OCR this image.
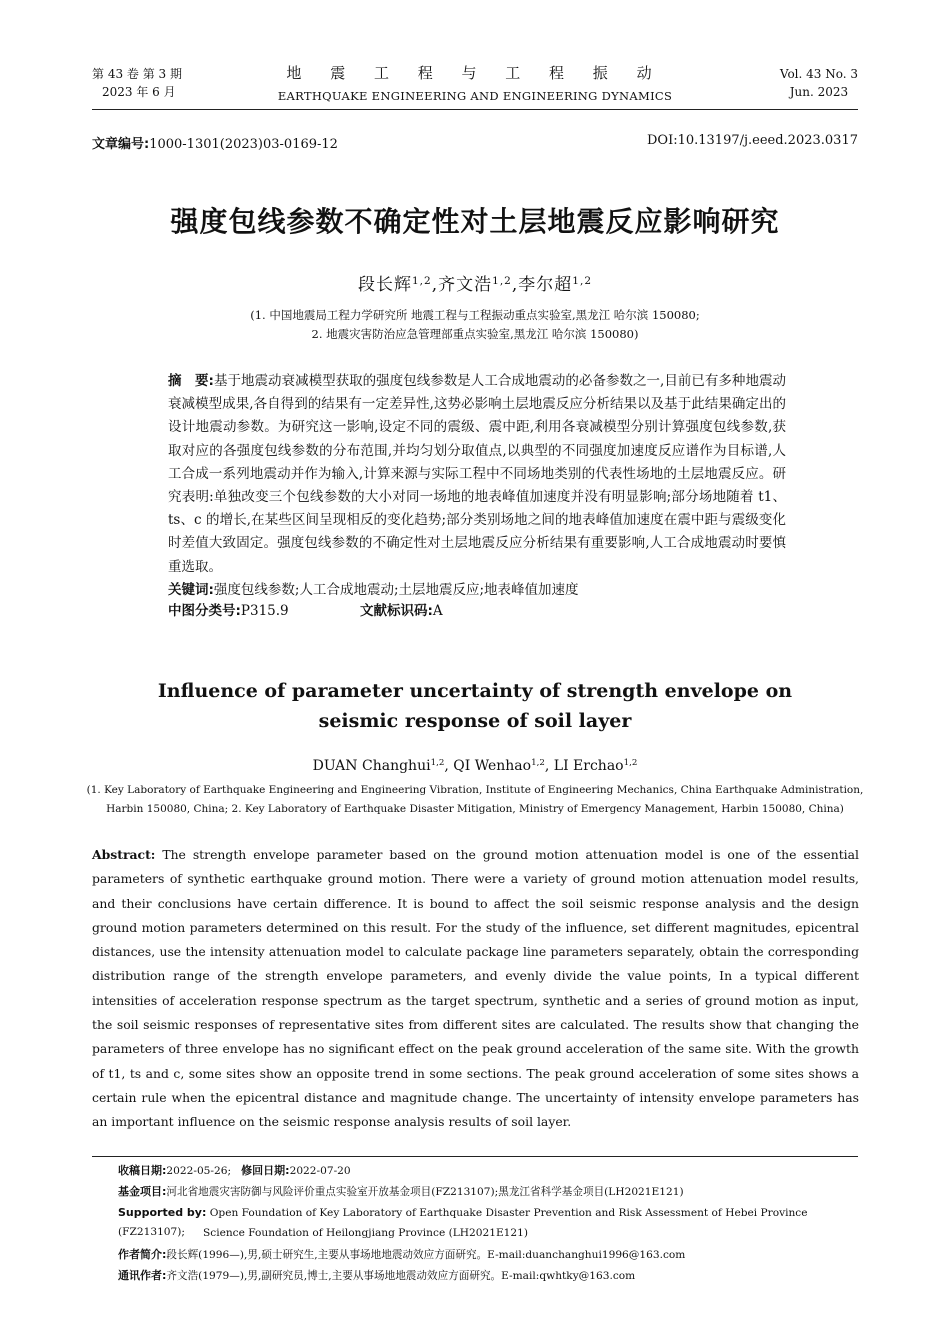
第 43 卷 第 3 期
2023 年 6 月
地 震 工 程 与 工 程 振 动
EARTHQUAKE ENGINEERING AND ENGINEERING DYNAMICS
Vol. 43 No. 3
Jun. 2023
文章编号:1000-1301(2023)03-0169-12	DOI:10.13197/j.eeed.2023.0317
强度包线参数不确定性对土层地震反应影响研究
段长辉$^{1,2}$,齐文浩$^{1,2}$,李尔超$^{1,2}$
(1. 中国地震局工程力学研究所 地震工程与工程振动重点实验室,黑龙江 哈尔滨 150080;
2. 地震灾害防治应急管理部重点实验室,黑龙江 哈尔滨 150080)
摘　要:基于地震动衰减模型获取的强度包线参数是人工合成地震动的必备参数之一,目前已有多种地震动衰减模型成果,各自得到的结果有一定差异性,这势必影响土层地震反应分析结果以及基于此结果确定出的设计地震动参数。为研究这一影响,设定不同的震级、震中距,利用各衰减模型分别计算强度包线参数,获取对应的各强度包线参数的分布范围,并均匀划分取值点,以典型的不同强度加速度反应谱作为目标谱,人工合成一系列地震动并作为输入,计算来源与实际工程中不同场地类别的代表性场地的土层地震反应。研究表明:单独改变三个包线参数的大小对同一场地的地表峰值加速度并没有明显影响;部分场地随着 t1、ts、c 的增长,在某些区间呈现相反的变化趋势;部分类别场地之间的地表峰值加速度在震中距与震级变化时差值大致固定。强度包线参数的不确定性对土层地震反应分析结果有重要影响,人工合成地震动时要慎重选取。
关键词:强度包线参数;人工合成地震动;土层地震反应;地表峰值加速度
中图分类号:P315.9	文献标识码:A
Influence of parameter uncertainty of strength envelope on
seismic response of soil layer
DUAN Changhui$^{1,2}$, QI Wenhao$^{1,2}$, LI Erchao$^{1,2}$
(1. Key Laboratory of Earthquake Engineering and Engineering Vibration, Institute of Engineering Mechanics, China Earthquake Administration,
Harbin 150080, China; 2. Key Laboratory of Earthquake Disaster Mitigation, Ministry of Emergency Management, Harbin 150080, China)
Abstract: The strength envelope parameter based on the ground motion attenuation model is one of the essential parameters of synthetic earthquake ground motion. There were a variety of ground motion attenuation model results, and their conclusions have certain difference. It is bound to affect the soil seismic response analysis and the design ground motion parameters determined on this result. For the study of the influence, set different magnitudes, epicentral distances, use the intensity attenuation model to calculate package line parameters separately, obtain the corresponding distribution range of the strength envelope parameters, and evenly divide the value points, In a typical different intensities of acceleration response spectrum as the target spectrum, synthetic and a series of ground motion as input, the soil seismic responses of representative sites from different sites are calculated. The results show that changing the parameters of three envelope has no significant effect on the peak ground acceleration of the same site. With the growth of t1, ts and c, some sites show an opposite trend in some sections. The peak ground acceleration of some sites shows a certain rule when the epicentral distance and magnitude change. The uncertainty of intensity envelope parameters has an important influence on the seismic response analysis results of soil layer.
收稿日期:2022-05-26; 修回日期:2022-07-20
基金项目:河北省地震灾害防御与风险评价重点实验室开放基金项目(FZ213107);黑龙江省科学基金项目(LH2021E121)
Supported by: Open Foundation of Key Laboratory of Earthquake Disaster Prevention and Risk Assessment of Hebei Province (FZ213107);	Science Foundation of Heilongjiang Province (LH2021E121)
作者简介:段长辉(1996—),男,硕士研究生,主要从事场地地震动效应方面研究。E-mail:duanchanghui1996@163.com
通讯作者:齐文浩(1979—),男,副研究员,博士,主要从事场地地震动效应方面研究。E-mail:qwhtky@163.com
